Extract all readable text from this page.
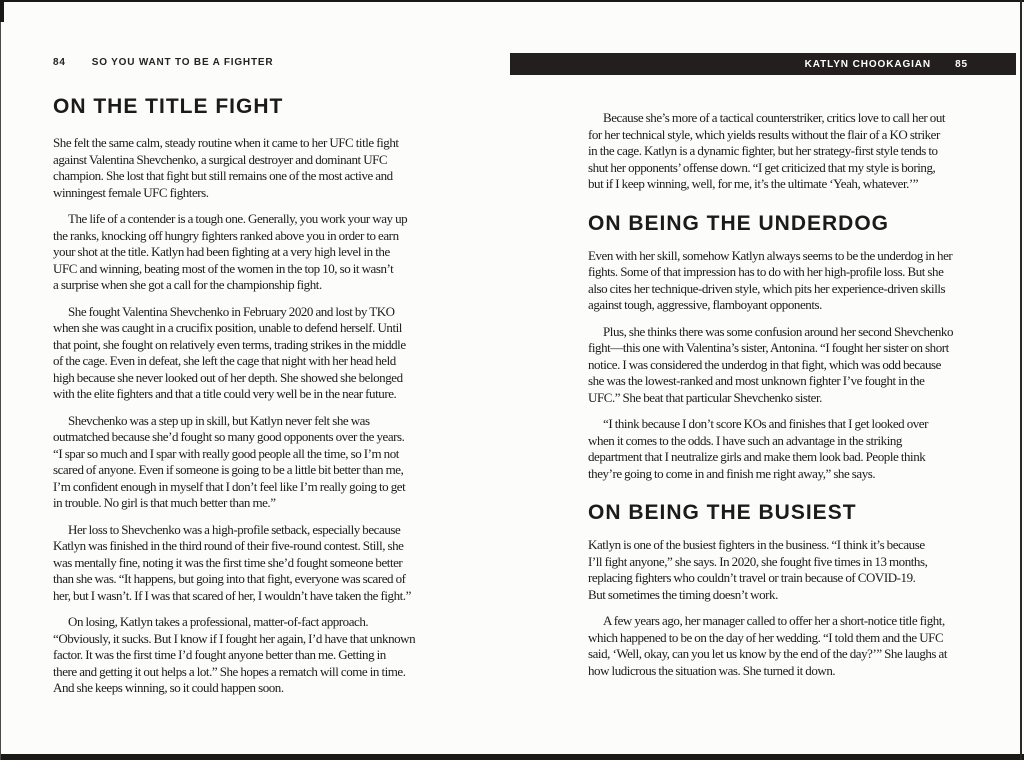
84	SO YOU WANT TO BE A FIGHTER	KATLYN CHOOKAGIAN 85
ON THE TITLE FIGHT
She felt the same calm, steady routine when it came to her UFC title fight
against Valentina Shevchenko, a surgical destroyer and dominant UFC
champion. She lost that fight but still remains one of the most active and
winningest female UFC fighters.
The life of a contender is a tough one. Generally, you work your way up
the ranks, knocking off hungry fighters ranked above you in order to earn
your shot at the title. Katlyn had been fighting at a very high level in the
UFC and winning, beating most of the women in the top 10, so it wasn’t
a surprise when she got a call for the championship fight.
She fought Valentina Shevchenko in February 2020 and lost by TKO
when she was caught in a crucifix position, unable to defend herself. Until
that point, she fought on relatively even terms, trading strikes in the middle
of the cage. Even in defeat, she left the cage that night with her head held
high because she never looked out of her depth. She showed she belonged
with the elite fighters and that a title could very well be in the near future.
Shevchenko was a step up in skill, but Katlyn never felt she was
outmatched because she’d fought so many good opponents over the years.
“I spar so much and I spar with really good people all the time, so I’m not
scared of anyone. Even if someone is going to be a little bit better than me,
I’m confident enough in myself that I don’t feel like I’m really going to get
in trouble. No girl is that much better than me.”
Her loss to Shevchenko was a high-profile setback, especially because
Katlyn was finished in the third round of their five-round contest. Still, she
was mentally fine, noting it was the first time she’d fought someone better
than she was. “It happens, but going into that fight, everyone was scared of
her, but I wasn’t. If I was that scared of her, I wouldn’t have taken the fight.”
On losing, Katlyn takes a professional, matter-of-fact approach.
“Obviously, it sucks. But I know if I fought her again, I’d have that unknown
factor. It was the first time I’d fought anyone better than me. Getting in
there and getting it out helps a lot.” She hopes a rematch will come in time.
And she keeps winning, so it could happen soon.
Because she’s more of a tactical counterstriker, critics love to call her out
for her technical style, which yields results without the flair of a KO striker
in the cage. Katlyn is a dynamic fighter, but her strategy-first style tends to
shut her opponents’ offense down. “I get criticized that my style is boring,
but if I keep winning, well, for me, it’s the ultimate ‘Yeah, whatever.’”
ON BEING THE UNDERDOG
Even with her skill, somehow Katlyn always seems to be the underdog in her
fights. Some of that impression has to do with her high-profile loss. But she
also cites her technique-driven style, which pits her experience-driven skills
against tough, aggressive, flamboyant opponents.
Plus, she thinks there was some confusion around her second Shevchenko
fight—this one with Valentina’s sister, Antonina. “I fought her sister on short
notice. I was considered the underdog in that fight, which was odd because
she was the lowest-ranked and most unknown fighter I’ve fought in the
UFC.” She beat that particular Shevchenko sister.
“I think because I don’t score KOs and finishes that I get looked over
when it comes to the odds. I have such an advantage in the striking
department that I neutralize girls and make them look bad. People think
they’re going to come in and finish me right away,” she says.
ON BEING THE BUSIEST
Katlyn is one of the busiest fighters in the business. “I think it’s because
I’ll fight anyone,” she says. In 2020, she fought five times in 13 months,
replacing fighters who couldn’t travel or train because of COVID-19.
But sometimes the timing doesn’t work.
A few years ago, her manager called to offer her a short-notice title fight,
which happened to be on the day of her wedding. “I told them and the UFC
said, ‘Well, okay, can you let us know by the end of the day?’” She laughs at
how ludicrous the situation was. She turned it down.
